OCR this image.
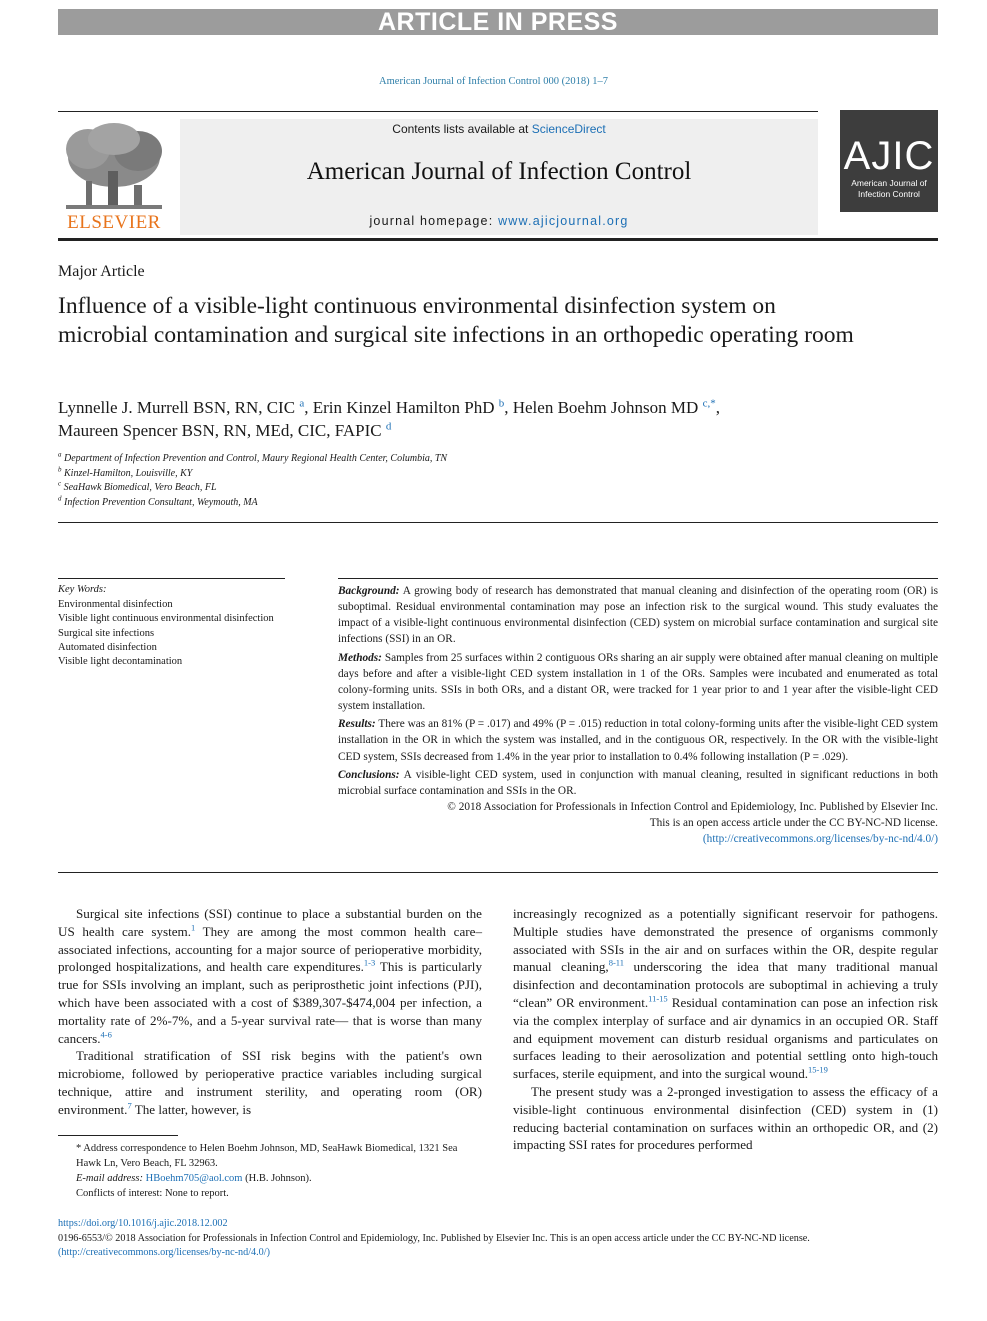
ARTICLE IN PRESS
American Journal of Infection Control 000 (2018) 1–7
Contents lists available at ScienceDirect
American Journal of Infection Control
journal homepage: www.ajicjournal.org
ELSEVIER
AJIC
American Journal of Infection Control
Major Article
Influence of a visible-light continuous environmental disinfection system on microbial contamination and surgical site infections in an orthopedic operating room
Lynnelle J. Murrell BSN, RN, CIC $^a$, Erin Kinzel Hamilton PhD $^b$, Helen Boehm Johnson MD $^{c,*}$,
Maureen Spencer BSN, RN, MEd, CIC, FAPIC $^d$
$^a$ Department of Infection Prevention and Control, Maury Regional Health Center, Columbia, TN
$^b$ Kinzel-Hamilton, Louisville, KY
$^c$ SeaHawk Biomedical, Vero Beach, FL
$^d$ Infection Prevention Consultant, Weymouth, MA
Key Words:
Environmental disinfection
Visible light continuous environmental disinfection
Surgical site infections
Automated disinfection
Visible light decontamination
Background: A growing body of research has demonstrated that manual cleaning and disinfection of the operating room (OR) is suboptimal. Residual environmental contamination may pose an infection risk to the surgical wound. This study evaluates the impact of a visible-light continuous environmental disinfection (CED) system on microbial surface contamination and surgical site infections (SSI) in an OR.
Methods: Samples from 25 surfaces within 2 contiguous ORs sharing an air supply were obtained after manual cleaning on multiple days before and after a visible-light CED system installation in 1 of the ORs. Samples were incubated and enumerated as total colony-forming units. SSIs in both ORs, and a distant OR, were tracked for 1 year prior to and 1 year after the visible-light CED system installation.
Results: There was an 81% (P = .017) and 49% (P = .015) reduction in total colony-forming units after the visible-light CED system installation in the OR in which the system was installed, and in the contiguous OR, respectively. In the OR with the visible-light CED system, SSIs decreased from 1.4% in the year prior to installation to 0.4% following installation (P = .029).
Conclusions: A visible-light CED system, used in conjunction with manual cleaning, resulted in significant reductions in both microbial surface contamination and SSIs in the OR.
© 2018 Association for Professionals in Infection Control and Epidemiology, Inc. Published by Elsevier Inc.
This is an open access article under the CC BY-NC-ND license.
(http://creativecommons.org/licenses/by-nc-nd/4.0/)

Surgical site infections (SSI) continue to place a substantial burden on the US health care system.$^1$ They are among the most common health care–associated infections, accounting for a major source of perioperative morbidity, prolonged hospitalizations, and health care expenditures.$^{1-3}$ This is particularly true for SSIs involving an implant, such as periprosthetic joint infections (PJI), which have been associated with a cost of $389,307-$474,004 per infection, a mortality rate of 2%-7%, and a 5-year survival rate— that is worse than many cancers.$^{4-6}$

Traditional stratification of SSI risk begins with the patient's own microbiome, followed by perioperative practice variables including surgical technique, attire and instrument sterility, and operating room (OR) environment.$^7$ The latter, however, is

increasingly recognized as a potentially significant reservoir for pathogens. Multiple studies have demonstrated the presence of organisms commonly associated with SSIs in the air and on surfaces within the OR, despite regular manual cleaning,$^{8-11}$ underscoring the idea that many traditional manual disinfection and decontamination protocols are suboptimal in achieving a truly “clean” OR environment.$^{11-15}$ Residual contamination can pose an infection risk via the complex interplay of surface and air dynamics in an occupied OR. Staff and equipment movement can disturb residual organisms and particulates on surfaces leading to their aerosolization and potential settling onto high-touch surfaces, sterile equipment, and into the surgical wound.$^{15-19}$

The present study was a 2-pronged investigation to assess the efficacy of a visible-light continuous environmental disinfection (CED) system in (1) reducing bacterial contamination on surfaces within an orthopedic OR, and (2) impacting SSI rates for procedures performed

* Address correspondence to Helen Boehm Johnson, MD, SeaHawk Biomedical, 1321 Sea Hawk Ln, Vero Beach, FL 32963.
E-mail address: HBoehm705@aol.com (H.B. Johnson).
Conflicts of interest: None to report.
https://doi.org/10.1016/j.ajic.2018.12.002
0196-6553/© 2018 Association for Professionals in Infection Control and Epidemiology, Inc. Published by Elsevier Inc. This is an open access article under the CC BY-NC-ND license.
(http://creativecommons.org/licenses/by-nc-nd/4.0/)
